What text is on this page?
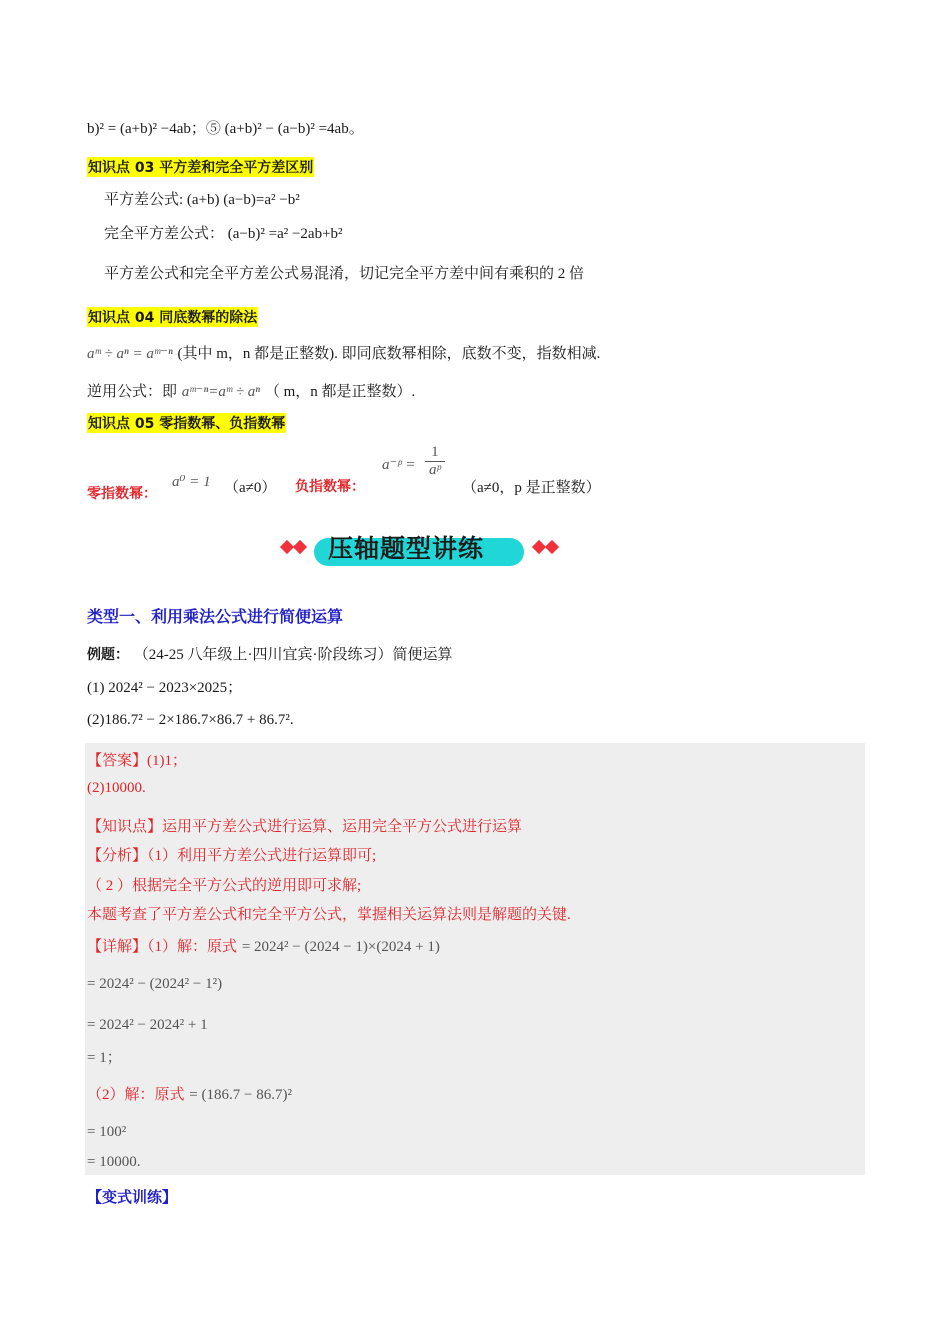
b)² = (a+b)² −4ab；⑤ (a+b)² − (a−b)² =4ab。
知识点 03 平方差和完全平方差区别
平方差公式: (a+b) (a−b)=a² −b²
完全平方差公式： (a−b)² =a² −2ab+b²
平方差公式和完全平方差公式易混淆，切记完全平方差中间有乘积的 2 倍
知识点 04 同底数幂的除法
aᵐ ÷ aⁿ = aᵐ⁻ⁿ (其中 m，n 都是正整数). 即同底数幂相除，底数不变，指数相减.
逆用公式：即 aᵐ⁻ⁿ=aᵐ ÷ aⁿ （ m，n 都是正整数）.
知识点 05 零指数幂、负指数幂
零指数幂：
a⁰ = 1 （a≠0） 负指数幂：
a⁻ᵖ = $\frac{1}{\text{aᵖ}}$
（a≠0，p 是正整数）
压轴题型讲练
类型一、利用乘法公式进行简便运算
例题： （24-25 八年级上·四川宜宾·阶段练习）简便运算
(1) 2024² − 2023×2025；
(2)186.7² − 2×186.7×86.7 + 86.7².
【答案】(1)1；
(2)10000.
【知识点】运用平方差公式进行运算、运用完全平方公式进行运算
【分析】（1）利用平方差公式进行运算即可;
（ 2 ）根据完全平方公式的逆用即可求解;
本题考查了平方差公式和完全平方公式，掌握相关运算法则是解题的关键.
【详解】（1）解：原式 = 2024² − (2024 − 1)×(2024 + 1)
= 2024² − (2024² − 1²)
= 2024² − 2024² + 1
= 1；
（2）解：原式 = (186.7 − 86.7)²
= 100²
= 10000.
【变式训练】
